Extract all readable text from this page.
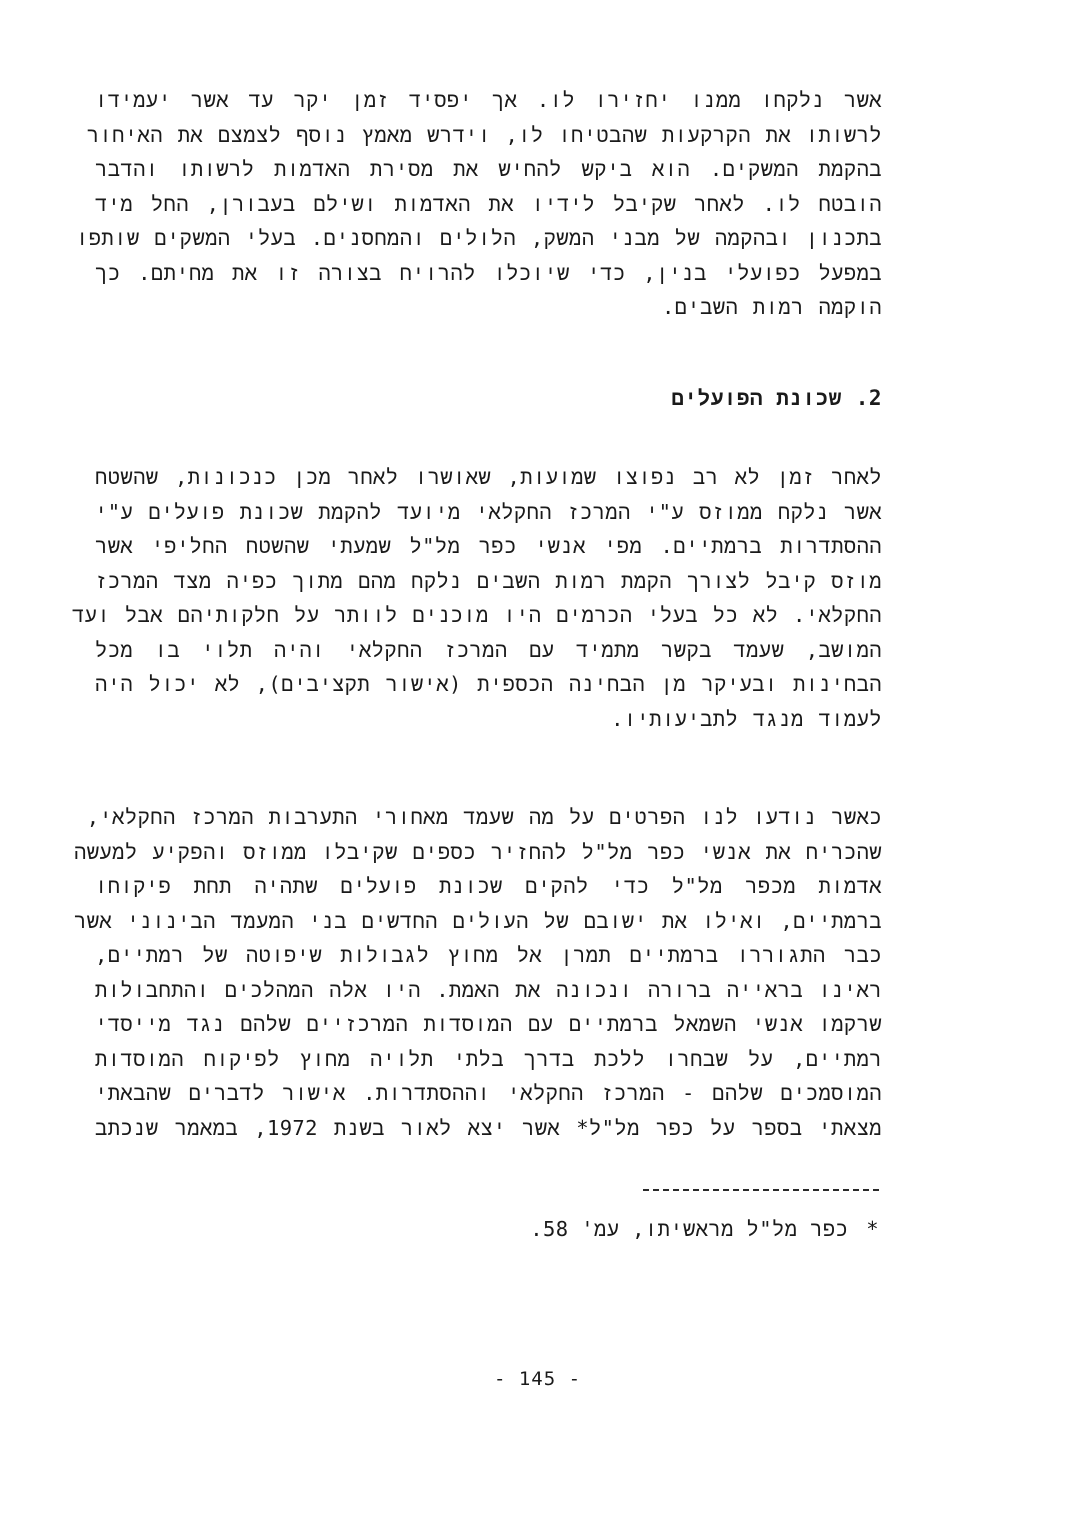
אשר נלקחו ממנו יחזירו לו. אך יפסיד זמן יקר עד אשר יעמידו
לרשותו את הקרקעות שהבטיחו לו, וידרש מאמץ נוסף לצמצם את האיחור
בהקמת המשקים. הוא ביקש להחיש את מסירת האדמות לרשותו והדבר
הובטח לו. לאחר שקיבל לידיו את האדמות ושילם בעבורן, החל מיד
בתכנון ובהקמה של מבני המשק, הלולים והמחסנים. בעלי המשקים שותפו
במפעל כפועלי בנין, כדי שיוכלו להרויח בצורה זו את מחיתם. כך
הוקמה רמות השבים.
2.שכונת הפועלים
לאחר זמן לא רב נפוצו שמועות, שאושרו לאחר מכן כנכונות, שהשטח
אשר נלקח ממוזס ע"י המרכז החקלאי מיועד להקמת שכונת פועלים ע"י
ההסתדרות ברמתיים. מפי אנשי כפר מל"ל שמעתי שהשטח החליפי אשר
מוזס קיבל לצורך הקמת רמות השבים נלקח מהם מתוך כפיה מצד המרכז
החקלאי. לא כל בעלי הכרמים היו מוכנים לוותר על חלקותיהם אבל ועד
המושב, שעמד בקשר מתמיד עם המרכז החקלאי והיה תלוי בו מכל
הבחינות ובעיקר מן הבחינה הכספית (אישור תקציבים), לא יכול היה
לעמוד מנגד לתביעותיו.
כאשר נודעו לנו הפרטים על מה שעמד מאחורי התערבות המרכז החקלאי,
שהכריח את אנשי כפר מל"ל להחזיר כספים שקיבלו ממוזס והפקיע למעשה
אדמות מכפר מל"ל כדי להקים שכונת פועלים שתהיה תחת פיקוחו
ברמתיים, ואילו את ישובם של העולים החדשים בני המעמד הבינוני אשר
כבר התגוררו ברמתיים תמרן אל מחוץ לגבולות שיפוטה של רמתיים,
ראינו בראייה ברורה ונכונה את האמת. היו אלה המהלכים והתחבולות
שרקמו אנשי השמאל ברמתיים עם המוסדות המרכזיים שלהם נגד מייסדי
רמתיים, על שבחרו ללכת בדרך בלתי תלויה מחוץ לפיקוח המוסדות
המוסמכים שלהם - המרכז החקלאי וההסתדרות. אישור לדברים שהבאתי
מצאתי בספר על כפר מל"ל* אשר יצא לאור בשנת 1972, במאמר שנכתב
*כפר מל"ל מראשיתו, עמ' 58.
- 145 -
